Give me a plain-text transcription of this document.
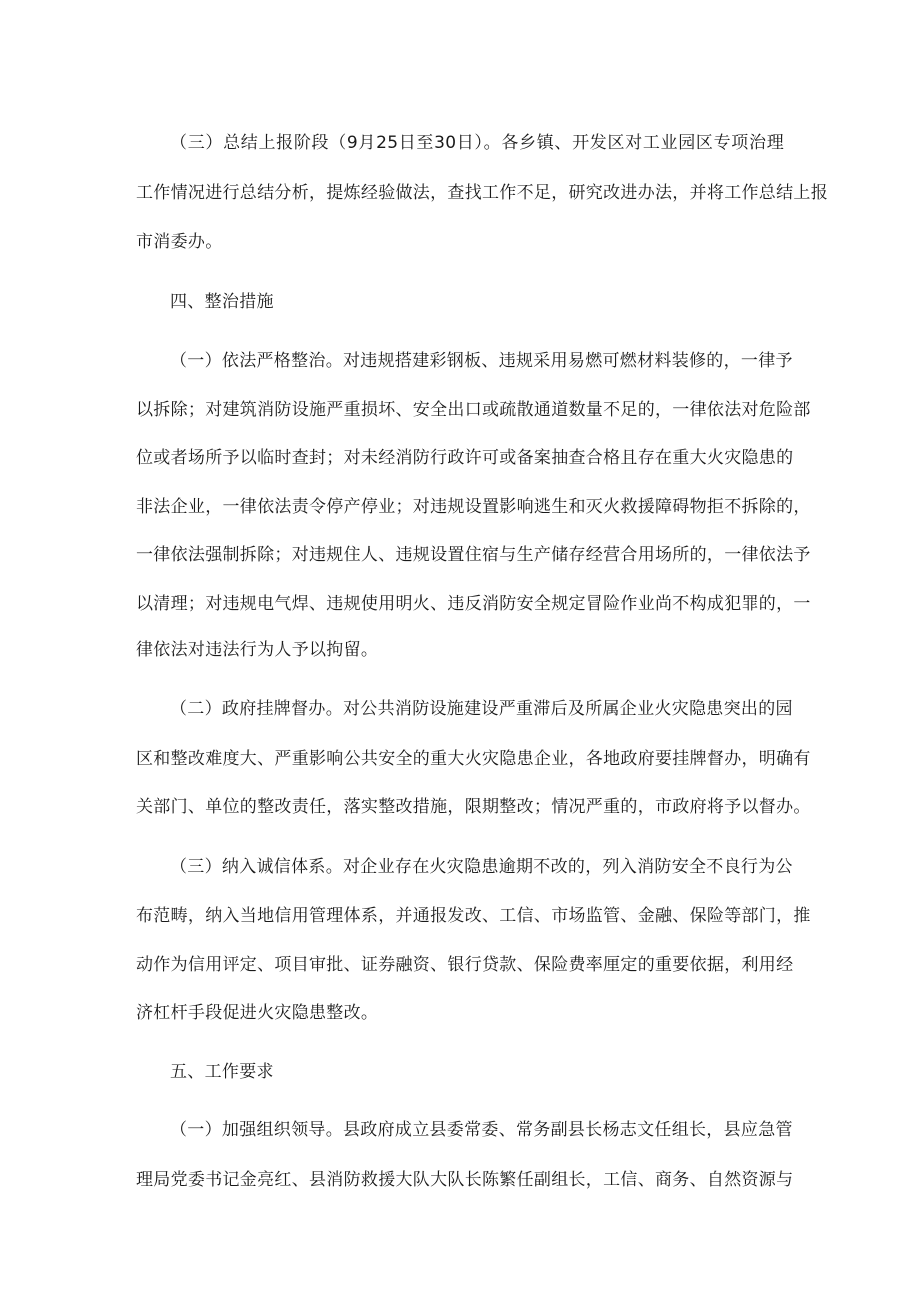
（三）总结上报阶段（9月25日至30日）。各乡镇、开发区对工业园区专项治理
工作情况进行总结分析，提炼经验做法，查找工作不足，研究改进办法，并将工作总结上报
市消委办。
四、整治措施
（一）依法严格整治。对违规搭建彩钢板、违规采用易燃可燃材料装修的，一律予
以拆除；对建筑消防设施严重损坏、安全出口或疏散通道数量不足的，一律依法对危险部
位或者场所予以临时查封；对未经消防行政许可或备案抽查合格且存在重大火灾隐患的
非法企业，一律依法责令停产停业；对违规设置影响逃生和灭火救援障碍物拒不拆除的，
一律依法强制拆除；对违规住人、违规设置住宿与生产储存经营合用场所的，一律依法予
以清理；对违规电气焊、违规使用明火、违反消防安全规定冒险作业尚不构成犯罪的，一
律依法对违法行为人予以拘留。
（二）政府挂牌督办。对公共消防设施建设严重滞后及所属企业火灾隐患突出的园
区和整改难度大、严重影响公共安全的重大火灾隐患企业，各地政府要挂牌督办，明确有
关部门、单位的整改责任，落实整改措施，限期整改；情况严重的，市政府将予以督办。
（三）纳入诚信体系。对企业存在火灾隐患逾期不改的，列入消防安全不良行为公
布范畴，纳入当地信用管理体系，并通报发改、工信、市场监管、金融、保险等部门，推
动作为信用评定、项目审批、证券融资、银行贷款、保险费率厘定的重要依据，利用经
济杠杆手段促进火灾隐患整改。
五、工作要求
（一）加强组织领导。县政府成立县委常委、常务副县长杨志文任组长，县应急管
理局党委书记金亮红、县消防救援大队大队长陈繁任副组长，工信、商务、自然资源与
